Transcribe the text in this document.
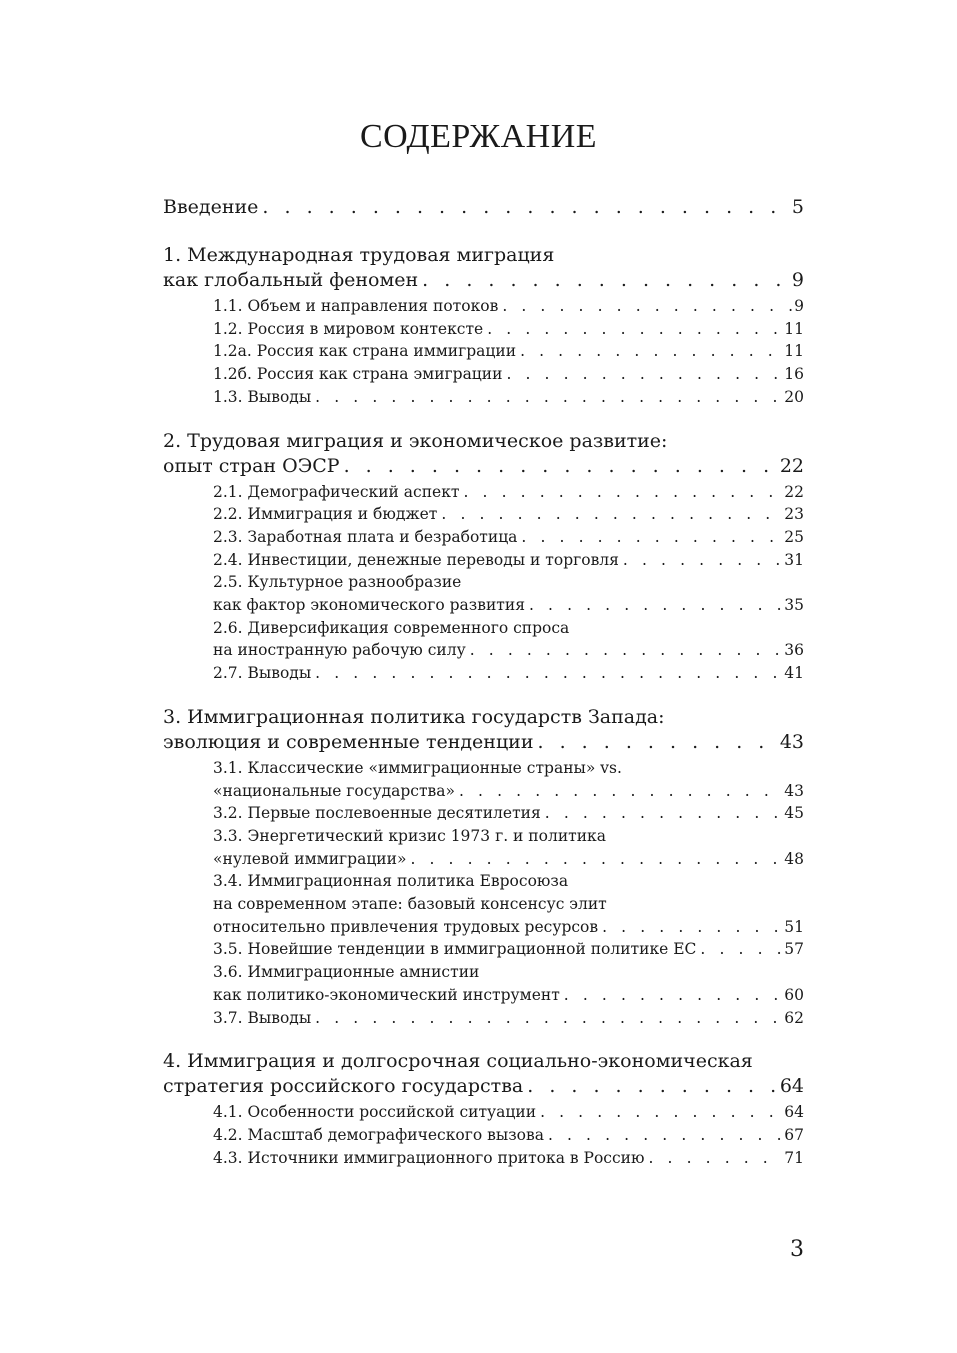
СОДЕРЖАНИЕ
Введение . . .	5
1. Международная трудовая миграция
как глобальный феномен . . .	9
1.1. Объем и направления потоков . . .	9
1.2. Россия в мировом контексте . . .	11
1.2а. Россия как страна иммиграции . . .	11
1.2б. Россия как страна эмиграции . . .	16
1.3. Выводы . . .	20
2. Трудовая миграция и экономическое развитие:
опыт стран ОЭСР . . .	22
2.1. Демографический аспект . . .	22
2.2. Иммиграция и бюджет . . .	23
2.3. Заработная плата и безработица . . .	25
2.4. Инвестиции, денежные переводы и торговля . . .	31
2.5. Культурное разнообразие
как фактор экономического развития . . .	35
2.6. Диверсификация современного спроса
на иностранную рабочую силу . . .	36
2.7. Выводы . . .	41
3. Иммиграционная политика государств Запада:
эволюция и современные тенденции . . .	43
3.1. Классические «иммиграционные страны» vs.
«национальные государства» . . .	43
3.2. Первые послевоенные десятилетия . . .	45
3.3. Энергетический кризис 1973 г. и политика
«нулевой иммиграции» . . .	48
3.4. Иммиграционная политика Евросоюза
на современном этапе: базовый консенсус элит
относительно привлечения трудовых ресурсов . . .	51
3.5. Новейшие тенденции в иммиграционной политике ЕС . . .	57
3.6. Иммиграционные амнистии
как политико-экономический инструмент . . .	60
3.7. Выводы . . .	62
4. Иммиграция и долгосрочная социально-экономическая
стратегия российского государства . . .	64
4.1. Особенности российской ситуации . . .	64
4.2. Масштаб демографического вызова . . .	67
4.3. Источники иммиграционного притока в Россию . . .	71
3
